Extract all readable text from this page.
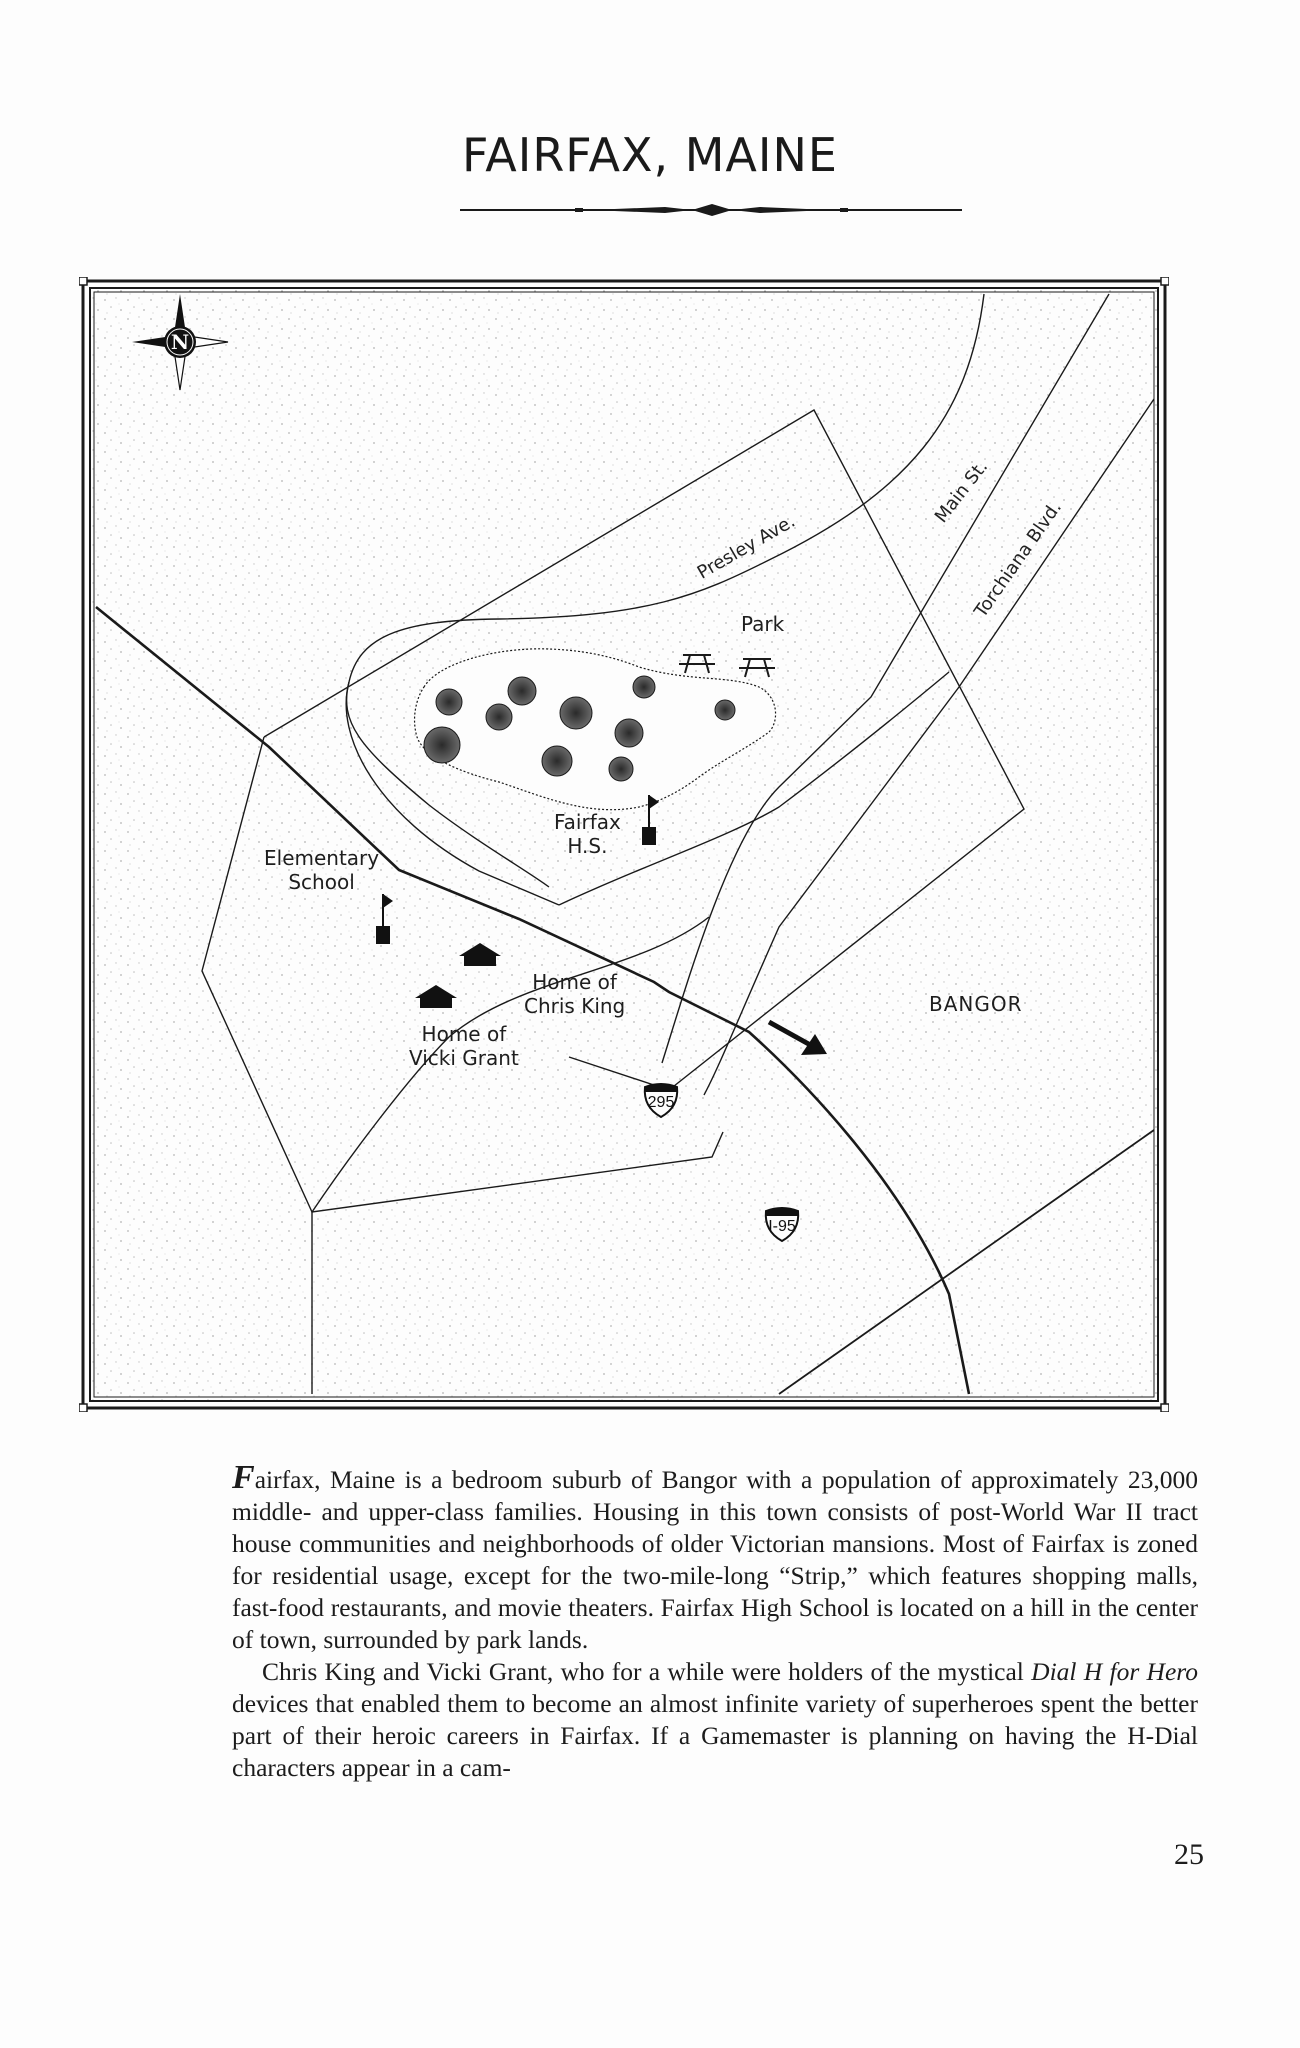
FAIRFAX, MAINE
N
295
I-95
Park
Fairfax
H.S.
Elementary
School
Home of
Chris King
Home of
Vicki Grant
BANGOR
Presley Ave.
Main St.
Torchiana Blvd.

Fairfax, Maine is a bedroom suburb of Bangor with a population of approximately 23,000 middle- and upper-class families. Housing in this town consists of post-World War II tract house communities and neighborhoods of older Victorian mansions. Most of Fairfax is zoned for residential usage, except for the two-mile-long “Strip,” which features shopping malls, fast-food restaurants, and movie theaters. Fairfax High School is located on a hill in the center of town, surrounded by park lands.

Chris King and Vicki Grant, who for a while were holders of the mystical Dial H for Hero devices that enabled them to become an almost infinite variety of superheroes spent the better part of their heroic careers in Fairfax. If a Gamemaster is planning on having the H-Dial characters appear in a cam-

25
